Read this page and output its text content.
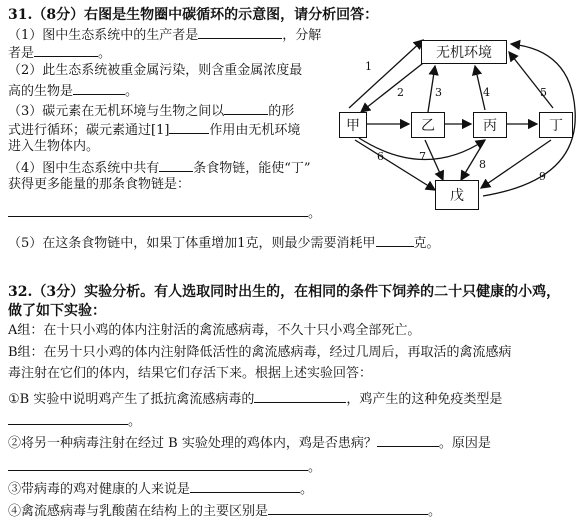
31.（8分）右图是生物圈中碳循环的示意图，请分析回答：
（1）图中生态系统中的生产者是	，分解
者是	。
（2）此生态系统被重金属污染，则含重金属浓度最
高的生物是	。
（3）碳元素在无机环境与生物之间以	的形
式进行循环；碳元素通过[1]	作用由无机环境
进入生物体内。
（4）图中生态系统中共有	条食物链，能使“丁”
获得更多能量的那条食物链是：
。
（5）在这条食物链中，如果丁体重增加1克，则最少需要消耗甲	克。
无机环境
甲	乙	丙	丁
戊
1
2	3	4	5
6	7
8
9
32.（3分）实验分析。有人选取同时出生的，在相同的条件下饲养的二十只健康的小鸡，
做了如下实验：
A组：在十只小鸡的体内注射活的禽流感病毒，不久十只小鸡全部死亡。
B组：在另十只小鸡的体内注射降低活性的禽流感病毒，经过几周后，再取活的禽流感病
毒注射在它们的体内，结果它们存活下来。根据上述实验回答：
①B 实验中说明鸡产生了抵抗禽流感病毒的	，鸡产生的这种免疫类型是
。
②将另一种病毒注射在经过 B 实验处理的鸡体内，鸡是否患病？	。原因是
。
③带病毒的鸡对健康的人来说是	。
④禽流感病毒与乳酸菌在结构上的主要区别是	。
